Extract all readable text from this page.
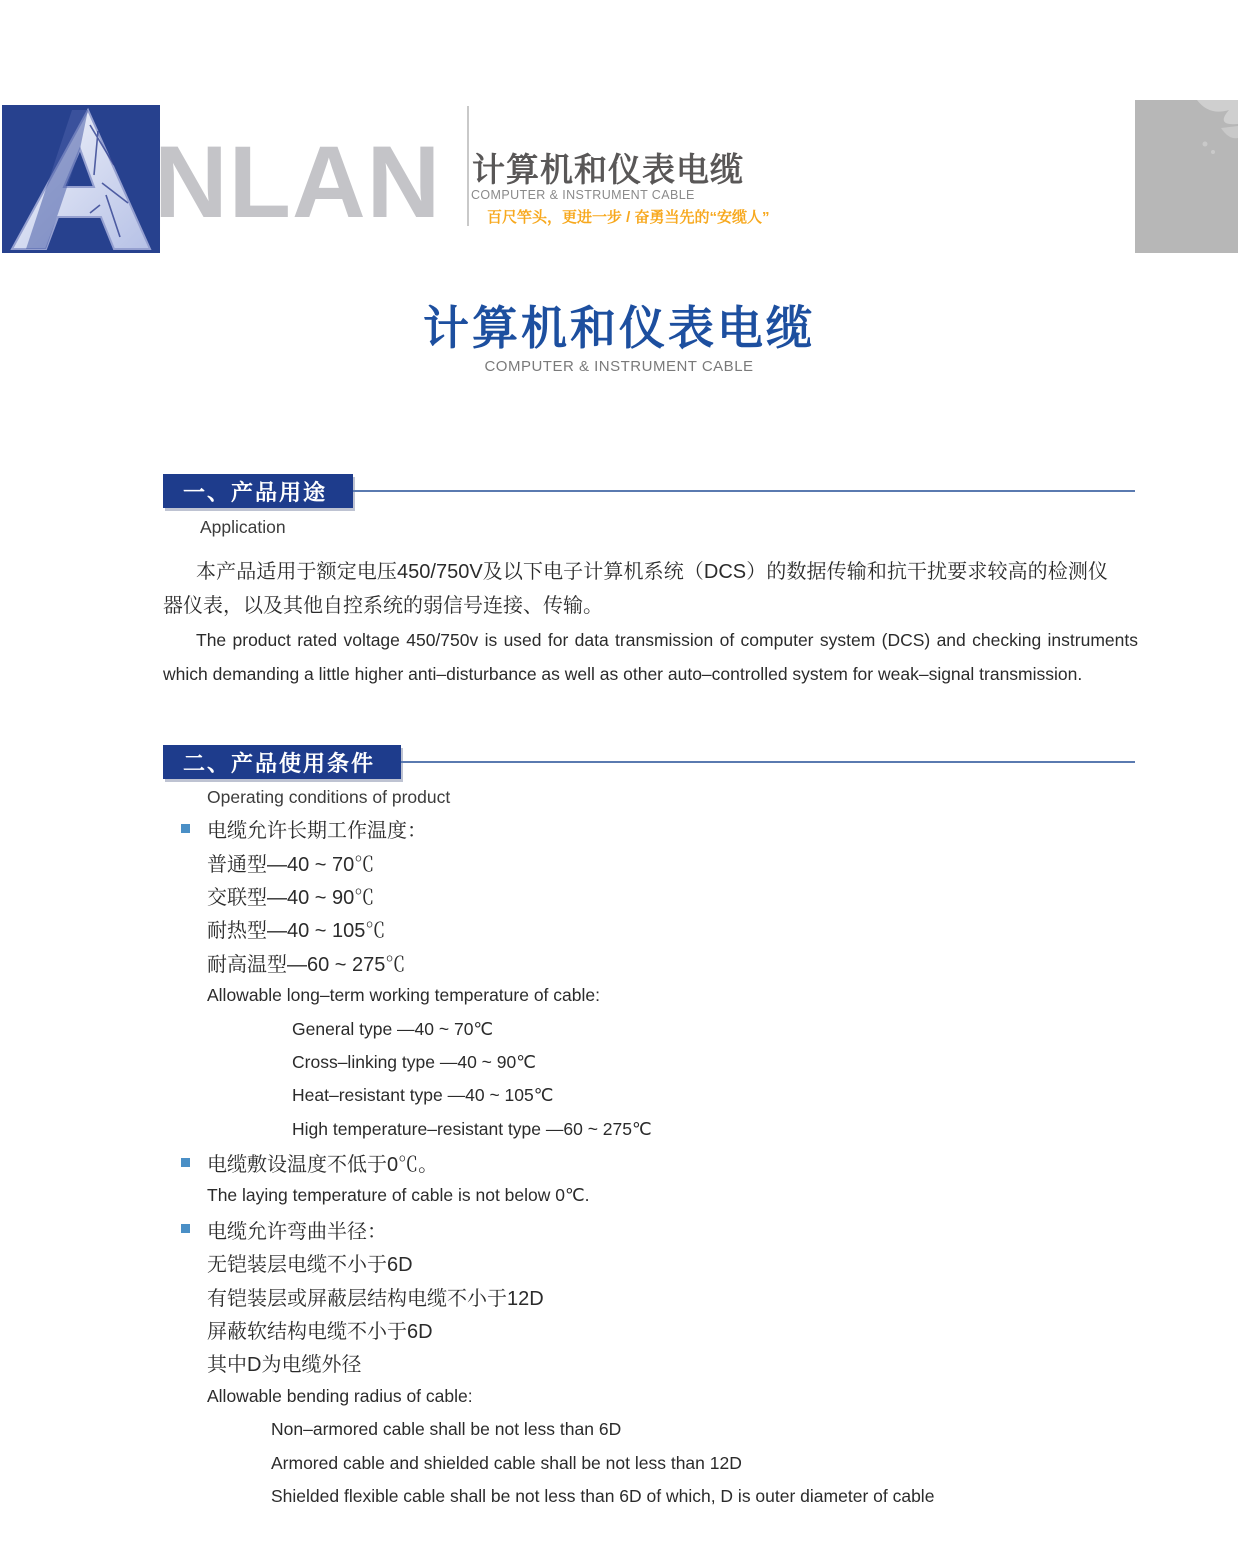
NLAN 计算机和仪表电缆
COMPUTER & INSTRUMENT CABLE
百尺竿头，更进一步 / 奋勇当先的“安缆人”
计算机和仪表电缆
COMPUTER & INSTRUMENT CABLE
一、产品用途
Application
本产品适用于额定电压450/750V及以下电子计算机系统（DCS）的数据传输和抗干扰要求较高的检测仪器仪表，以及其他自控系统的弱信号连接、传输。
The product rated voltage 450/750v is used for data transmission of computer system (DCS) and checking instruments which demanding a little higher anti–disturbance as well as other auto–controlled system for weak–signal transmission.
二、产品使用条件
Operating conditions of product
电缆允许长期工作温度：
普通型—40 ~ 70℃
交联型—40 ~ 90℃
耐热型—40 ~ 105℃
耐高温型—60 ~ 275℃
Allowable long–term working temperature of cable:
General type —40 ~ 70℃
Cross–linking type —40 ~ 90℃
Heat–resistant type —40 ~ 105℃
High temperature–resistant type —60 ~ 275℃
电缆敷设温度不低于0℃。
The laying temperature of cable is not below 0℃.
电缆允许弯曲半径：
无铠装层电缆不小于6D
有铠装层或屏蔽层结构电缆不小于12D
屏蔽软结构电缆不小于6D
其中D为电缆外径
Allowable bending radius of cable:
Non–armored cable shall be not less than 6D
Armored cable and shielded cable shall be not less than 12D
Shielded flexible cable shall be not less than 6D of which, D is outer diameter of cable
